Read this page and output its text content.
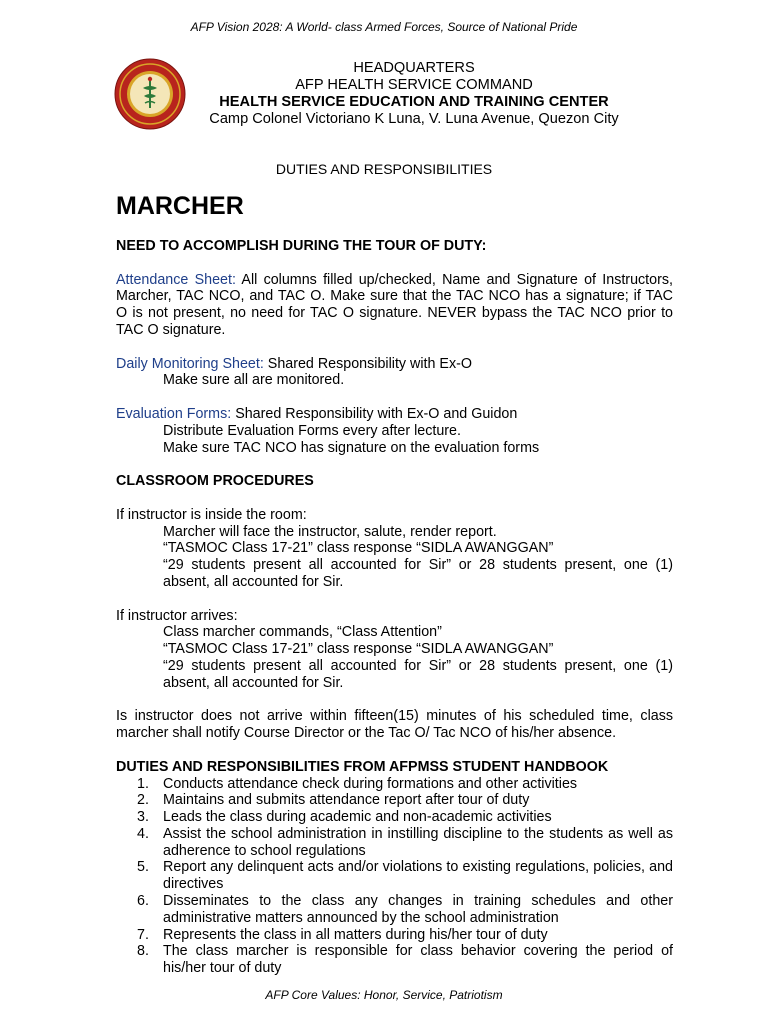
AFP Vision 2028: A World- class Armed Forces, Source of National Pride
HEADQUARTERS
AFP HEALTH SERVICE COMMAND
HEALTH SERVICE EDUCATION AND TRAINING CENTER
Camp Colonel Victoriano K Luna, V. Luna Avenue, Quezon City
DUTIES AND RESPONSIBILITIES
MARCHER

NEED TO ACCOMPLISH DURING THE TOUR OF DUTY:

Attendance Sheet: All columns filled up/checked, Name and Signature of Instructors, Marcher, TAC NCO, and TAC O. Make sure that the TAC NCO has a signature; if TAC O is not present, no need for TAC O signature. NEVER bypass the TAC NCO prior to TAC O signature.

Daily Monitoring Sheet: Shared Responsibility with Ex-O

Make sure all are monitored.

Evaluation Forms: Shared Responsibility with Ex-O and Guidon

Distribute Evaluation Forms every after lecture.

Make sure TAC NCO has signature on the evaluation forms

CLASSROOM PROCEDURES

If instructor is inside the room:

Marcher will face the instructor, salute, render report.

“TASMOC Class 17-21” class response “SIDLA AWANGGAN”

“29 students present all accounted for Sir” or 28 students present, one (1) absent, all accounted for Sir.

If instructor arrives:

Class marcher commands, “Class Attention”

“TASMOC Class 17-21” class response “SIDLA AWANGGAN”

“29 students present all accounted for Sir” or 28 students present, one (1) absent, all accounted for Sir.

Is instructor does not arrive within fifteen(15) minutes of his scheduled time, class marcher shall notify Course Director or the Tac O/ Tac NCO of his/her absence.

DUTIES AND RESPONSIBILITIES FROM AFPMSS STUDENT HANDBOOK

1. Conducts attendance check during formations and other activities
2. Maintains and submits attendance report after tour of duty
3. Leads the class during academic and non-academic activities
4. Assist the school administration in instilling discipline to the students as well as adherence to school regulations
5. Report any delinquent acts and/or violations to existing regulations, policies, and directives
6. Disseminates to the class any changes in training schedules and other administrative matters announced by the school administration
7. Represents the class in all matters during his/her tour of duty
8. The class marcher is responsible for class behavior covering the period of his/her tour of duty
AFP Core Values: Honor, Service, Patriotism
